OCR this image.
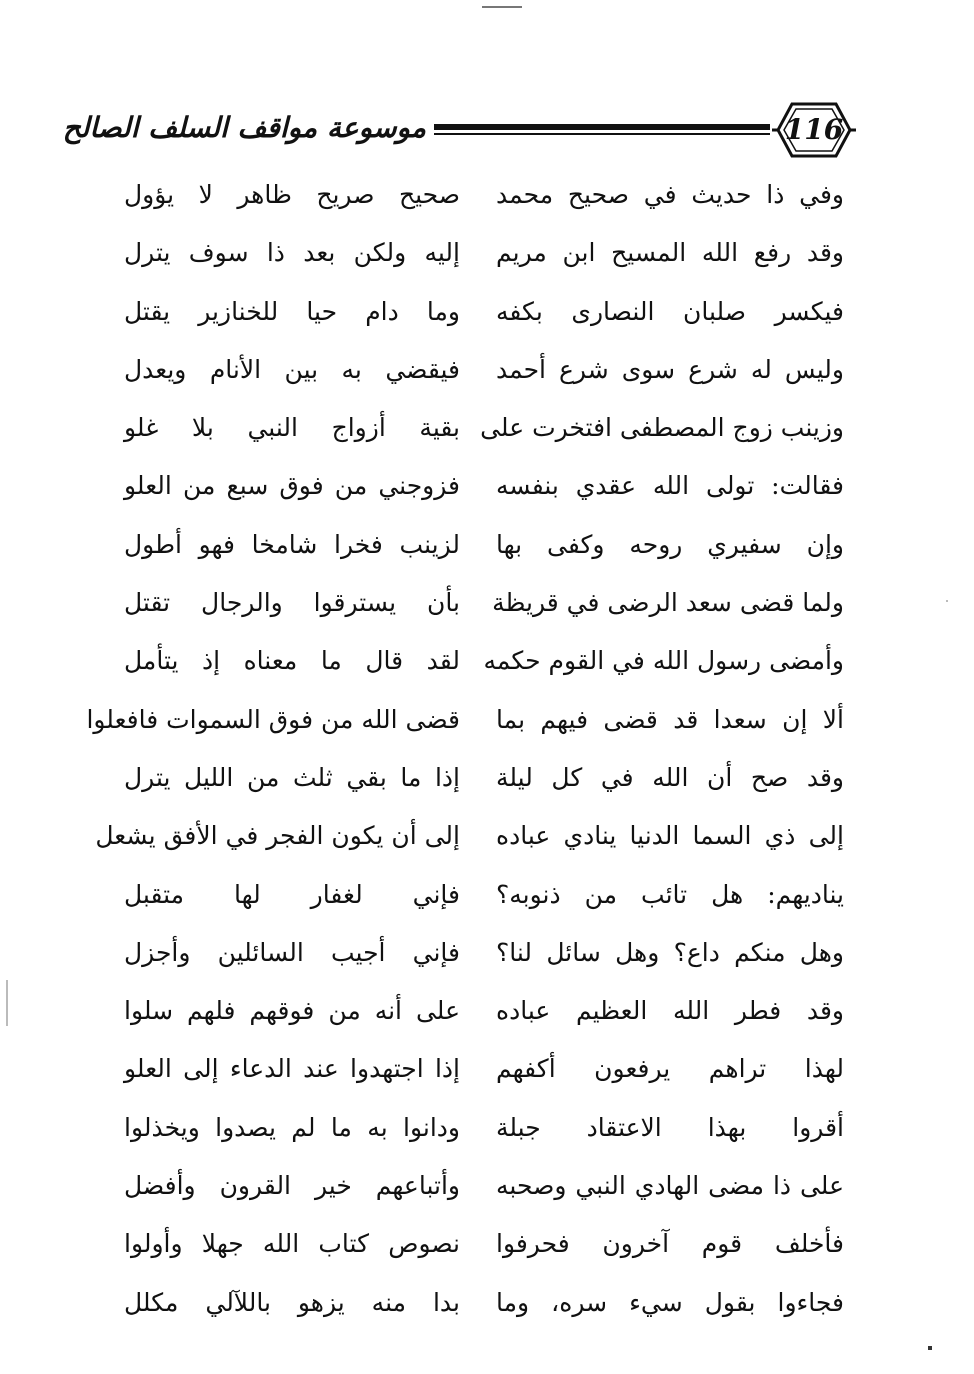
موسوعة مواقف السلف الصالح	116
وفي ذا حديث في صحيح محمد
صحيح صريح ظاهر لا يؤول
وقد رفع الله المسيح ابن مريم
إليه ولكن بعد ذا سوف يترل
فيكسر صلبان النصارى بكفه
وما دام حيا للخنازير يقتل
وليس له شرع سوى شرع أحمد
فيقضي به بين الأنام ويعدل
وزينب زوج المصطفى افتخرت على
بقية أزواج النبي بلا غلو
فقالت: تولى الله عقدي بنفسه
فزوجني من فوق سبع من العلو
وإن سفيري روحه وكفى بها
لزينب فخرا شامخا فهو أطول
ولما قضى سعد الرضى في قريظة
بأن يسترقوا والرجال تقتل
وأمضى رسول الله في القوم حكمه
لقد قال ما معناه إذ يتأمل
ألا إن سعدا قد قضى فيهم بما
قضى الله من فوق السموات فافعلوا
وقد صح أن الله في كل ليلة
إذا ما بقي ثلث من الليل يترل
إلى ذي السما الدنيا ينادي عباده
إلى أن يكون الفجر في الأفق يشعل
يناديهم: هل تائب من ذنوبه؟
فإني لغفار لها متقبل
وهل منكم داع؟ وهل سائل لنا؟
فإني أجيب السائلين وأجزل
وقد فطر الله العظيم عباده
على أنه من فوقهم فلهم سلوا
لهذا تراهم يرفعون أكفهم
إذا اجتهدوا عند الدعاء إلى العلو
أقروا بهذا الاعتقاد جبلة
ودانوا به ما لم يصدوا ويخذلوا
على ذا مضى الهادي النبي وصحبه
وأتباعهم خير القرون وأفضل
فأخلف قوم آخرون فحرفوا
نصوص كتاب الله جهلا وأولوا
فجاءوا بقول سيء سره، وما
بدا منه يزهو باللآلي مكلل
